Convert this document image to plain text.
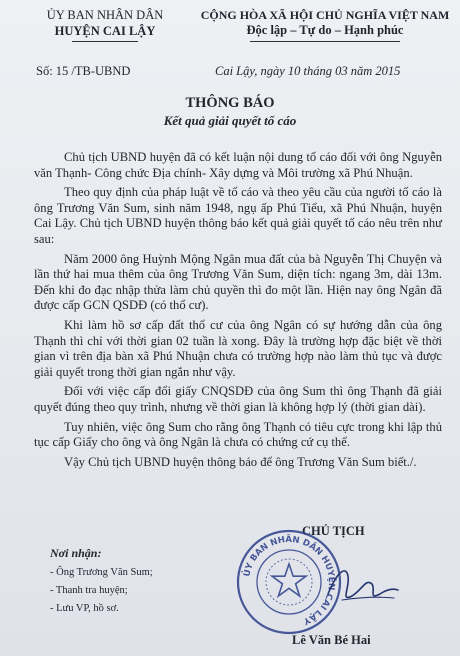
ỦY BAN NHÂN DÂN
HUYỆN CAI LẬY
CỘNG HÒA XÃ HỘI CHỦ NGHĨA VIỆT NAM
Độc lập – Tự do – Hạnh phúc
Số: 15 /TB-UBND	Cai Lậy, ngày 10 tháng 03 năm 2015
THÔNG BÁO
Kết quả giải quyết tố cáo

Chủ tịch UBND huyện đã có kết luận nội dung tố cáo đối với ông Nguyễn văn Thạnh- Công chức Địa chính- Xây dựng và Môi trường xã Phú Nhuận.

Theo quy định của pháp luật về tố cáo và theo yêu cầu của người tố cáo là ông Trương Văn Sum, sinh năm 1948, ngụ ấp Phú Tiểu, xã Phú Nhuận, huyện Cai Lậy. Chủ tịch UBND huyện thông báo kết quả giải quyết tố cáo nêu trên như sau:

Năm 2000 ông Huỳnh Mộng Ngân mua đất của bà Nguyễn Thị Chuyện và lần thứ hai mua thêm của ông Trương Văn Sum, diện tích: ngang 3m, dài 13m. Đến khi đo đạc nhập thửa làm chủ quyền thì đo một lần. Hiện nay ông Ngân đã được cấp GCN QSDĐ (có thổ cư).

Khi làm hồ sơ cấp đất thổ cư của ông Ngân có sự hướng dẫn của ông Thạnh thì chỉ với thời gian 02 tuần là xong. Đây là trường hợp đặc biệt về thời gian vì trên địa bàn xã Phú Nhuận chưa có trường hợp nào làm thủ tục và được giải quyết trong thời gian ngắn như vậy.

Đối với việc cấp đổi giấy CNQSDĐ của ông Sum thì ông Thạnh đã giải quyết đúng theo quy trình, nhưng về thời gian là không hợp lý (thời gian dài).

Tuy nhiên, việc ông Sum cho rằng ông Thạnh có tiêu cực trong khi lập thủ tục cấp Giấy cho ông và ông Ngân là chưa có chứng cứ cụ thể.

Vậy Chủ tịch UBND huyện thông báo để ông Trương Văn Sum biết./.

Nơi nhận:
- Ông Trương Văn Sum;
- Thanh tra huyện;
- Lưu VP, hồ sơ.
CHỦ TỊCH
ỦY BAN NHÂN DÂN HUYỆN CAI LẬY
Lê Văn Bé Hai
